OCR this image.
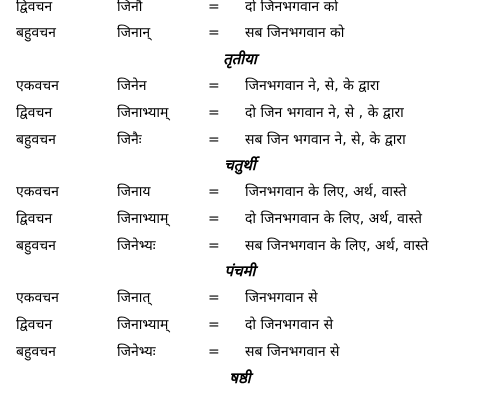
द्विवचन	जिनौ	= दो जिनभगवान को
बहुवचन	जिनान्	= सब जिनभगवान को
तृतीया
एकवचन	जिनेन	= जिनभगवान ने, से, के द्वारा
द्विवचन	जिनाभ्याम्	= दो जिन भगवान ने, से , के द्वारा
बहुवचन	जिनैः	= सब जिन भगवान ने, से, के द्वारा
चतुर्थी
एकवचन	जिनाय	= जिनभगवान के लिए, अर्थ, वास्ते
द्विवचन	जिनाभ्याम्	= दो जिनभगवान के लिए, अर्थ, वास्ते
बहुवचन	जिनेभ्यः	= सब जिनभगवान के लिए, अर्थ, वास्ते
पंचमी
एकवचन	जिनात्	= जिनभगवान से
द्विवचन	जिनाभ्याम्	= दो जिनभगवान से
बहुवचन	जिनेभ्यः	= सब जिनभगवान से
षष्ठी
